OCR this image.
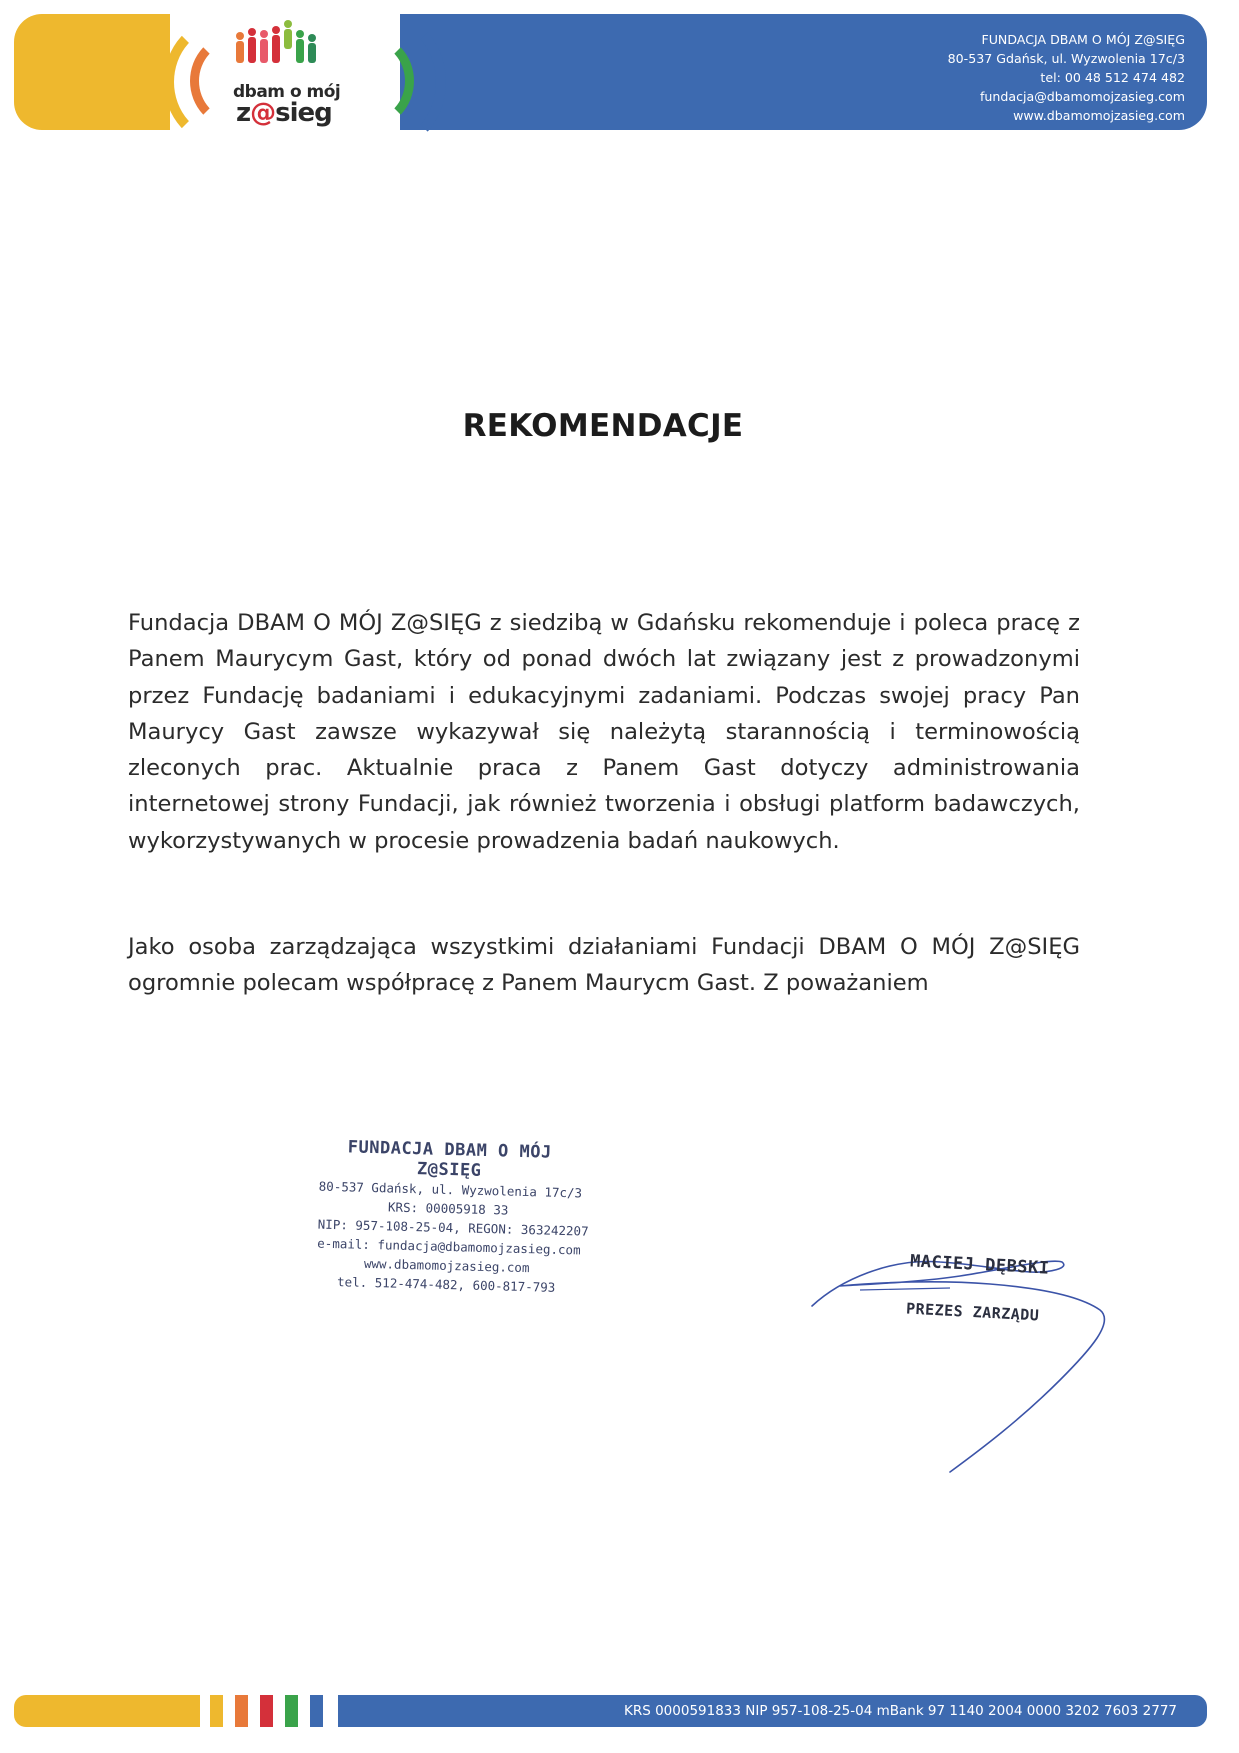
dbam o mój
z@sieg
FUNDACJA DBAM O MÓJ Z@SIĘG
80-537 Gdańsk, ul. Wyzwolenia 17c/3
tel: 00 48 512 474 482
fundacja@dbamomojzasieg.com
www.dbamomojzasieg.com
REKOMENDACJE
Fundacja DBAM O MÓJ Z@SIĘG z siedzibą w Gdańsku rekomenduje i poleca pracę z Panem Maurycym Gast, który od ponad dwóch lat związany jest z prowadzonymi przez Fundację badaniami i edukacyjnymi zadaniami. Podczas swojej pracy Pan Maurycy Gast zawsze wykazywał się należytą starannością i terminowością zleconych prac. Aktualnie praca z Panem Gast dotyczy administrowania internetowej strony Fundacji, jak również tworzenia i obsługi platform badawczych, wykorzystywanych w procesie prowadzenia badań naukowych.
Jako osoba zarządzająca wszystkimi działaniami Fundacji DBAM O MÓJ Z@SIĘG ogromnie polecam współpracę z Panem Maurycm Gast. Z poważaniem
FUNDACJA DBAM O MÓJ Z@SIĘG
80-537 Gdańsk, ul. Wyzwolenia 17c/3
KRS: 00005918 33
NIP: 957-108-25-04, REGON: 363242207
e-mail: fundacja@dbamomojzasieg.com
www.dbamomojzasieg.com
tel. 512-474-482, 600-817-793
MACIEJ DĘBSKI
PREZES ZARZĄDU
KRS 0000591833 NIP 957-108-25-04 mBank 97 1140 2004 0000 3202 7603 2777
